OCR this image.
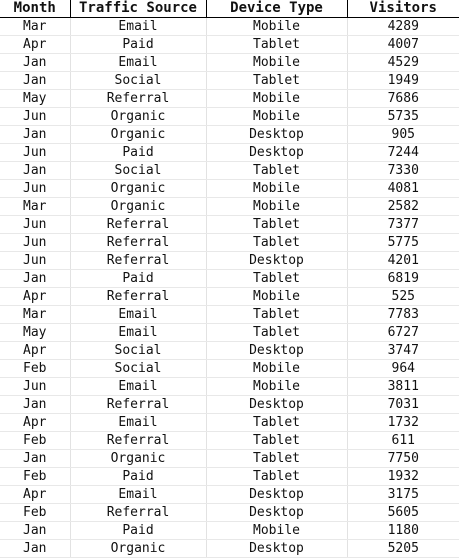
Month	Traffic Source	Device Type	Visitors
Mar	Email	Mobile	4289
Apr	Paid	Tablet	4007
Jan	Email	Mobile	4529
Jan	Social	Tablet	1949
May	Referral	Mobile	7686
Jun	Organic	Mobile	5735
Jan	Organic	Desktop	905
Jun	Paid	Desktop	7244
Jan	Social	Tablet	7330
Jun	Organic	Mobile	4081
Mar	Organic	Mobile	2582
Jun	Referral	Tablet	7377
Jun	Referral	Tablet	5775
Jun	Referral	Desktop	4201
Jan	Paid	Tablet	6819
Apr	Referral	Mobile	525
Mar	Email	Tablet	7783
May	Email	Tablet	6727
Apr	Social	Desktop	3747
Feb	Social	Mobile	964
Jun	Email	Mobile	3811
Jan	Referral	Desktop	7031
Apr	Email	Tablet	1732
Feb	Referral	Tablet	611
Jan	Organic	Tablet	7750
Feb	Paid	Tablet	1932
Apr	Email	Desktop	3175
Feb	Referral	Desktop	5605
Jan	Paid	Mobile	1180
Jan	Organic	Desktop	5205
